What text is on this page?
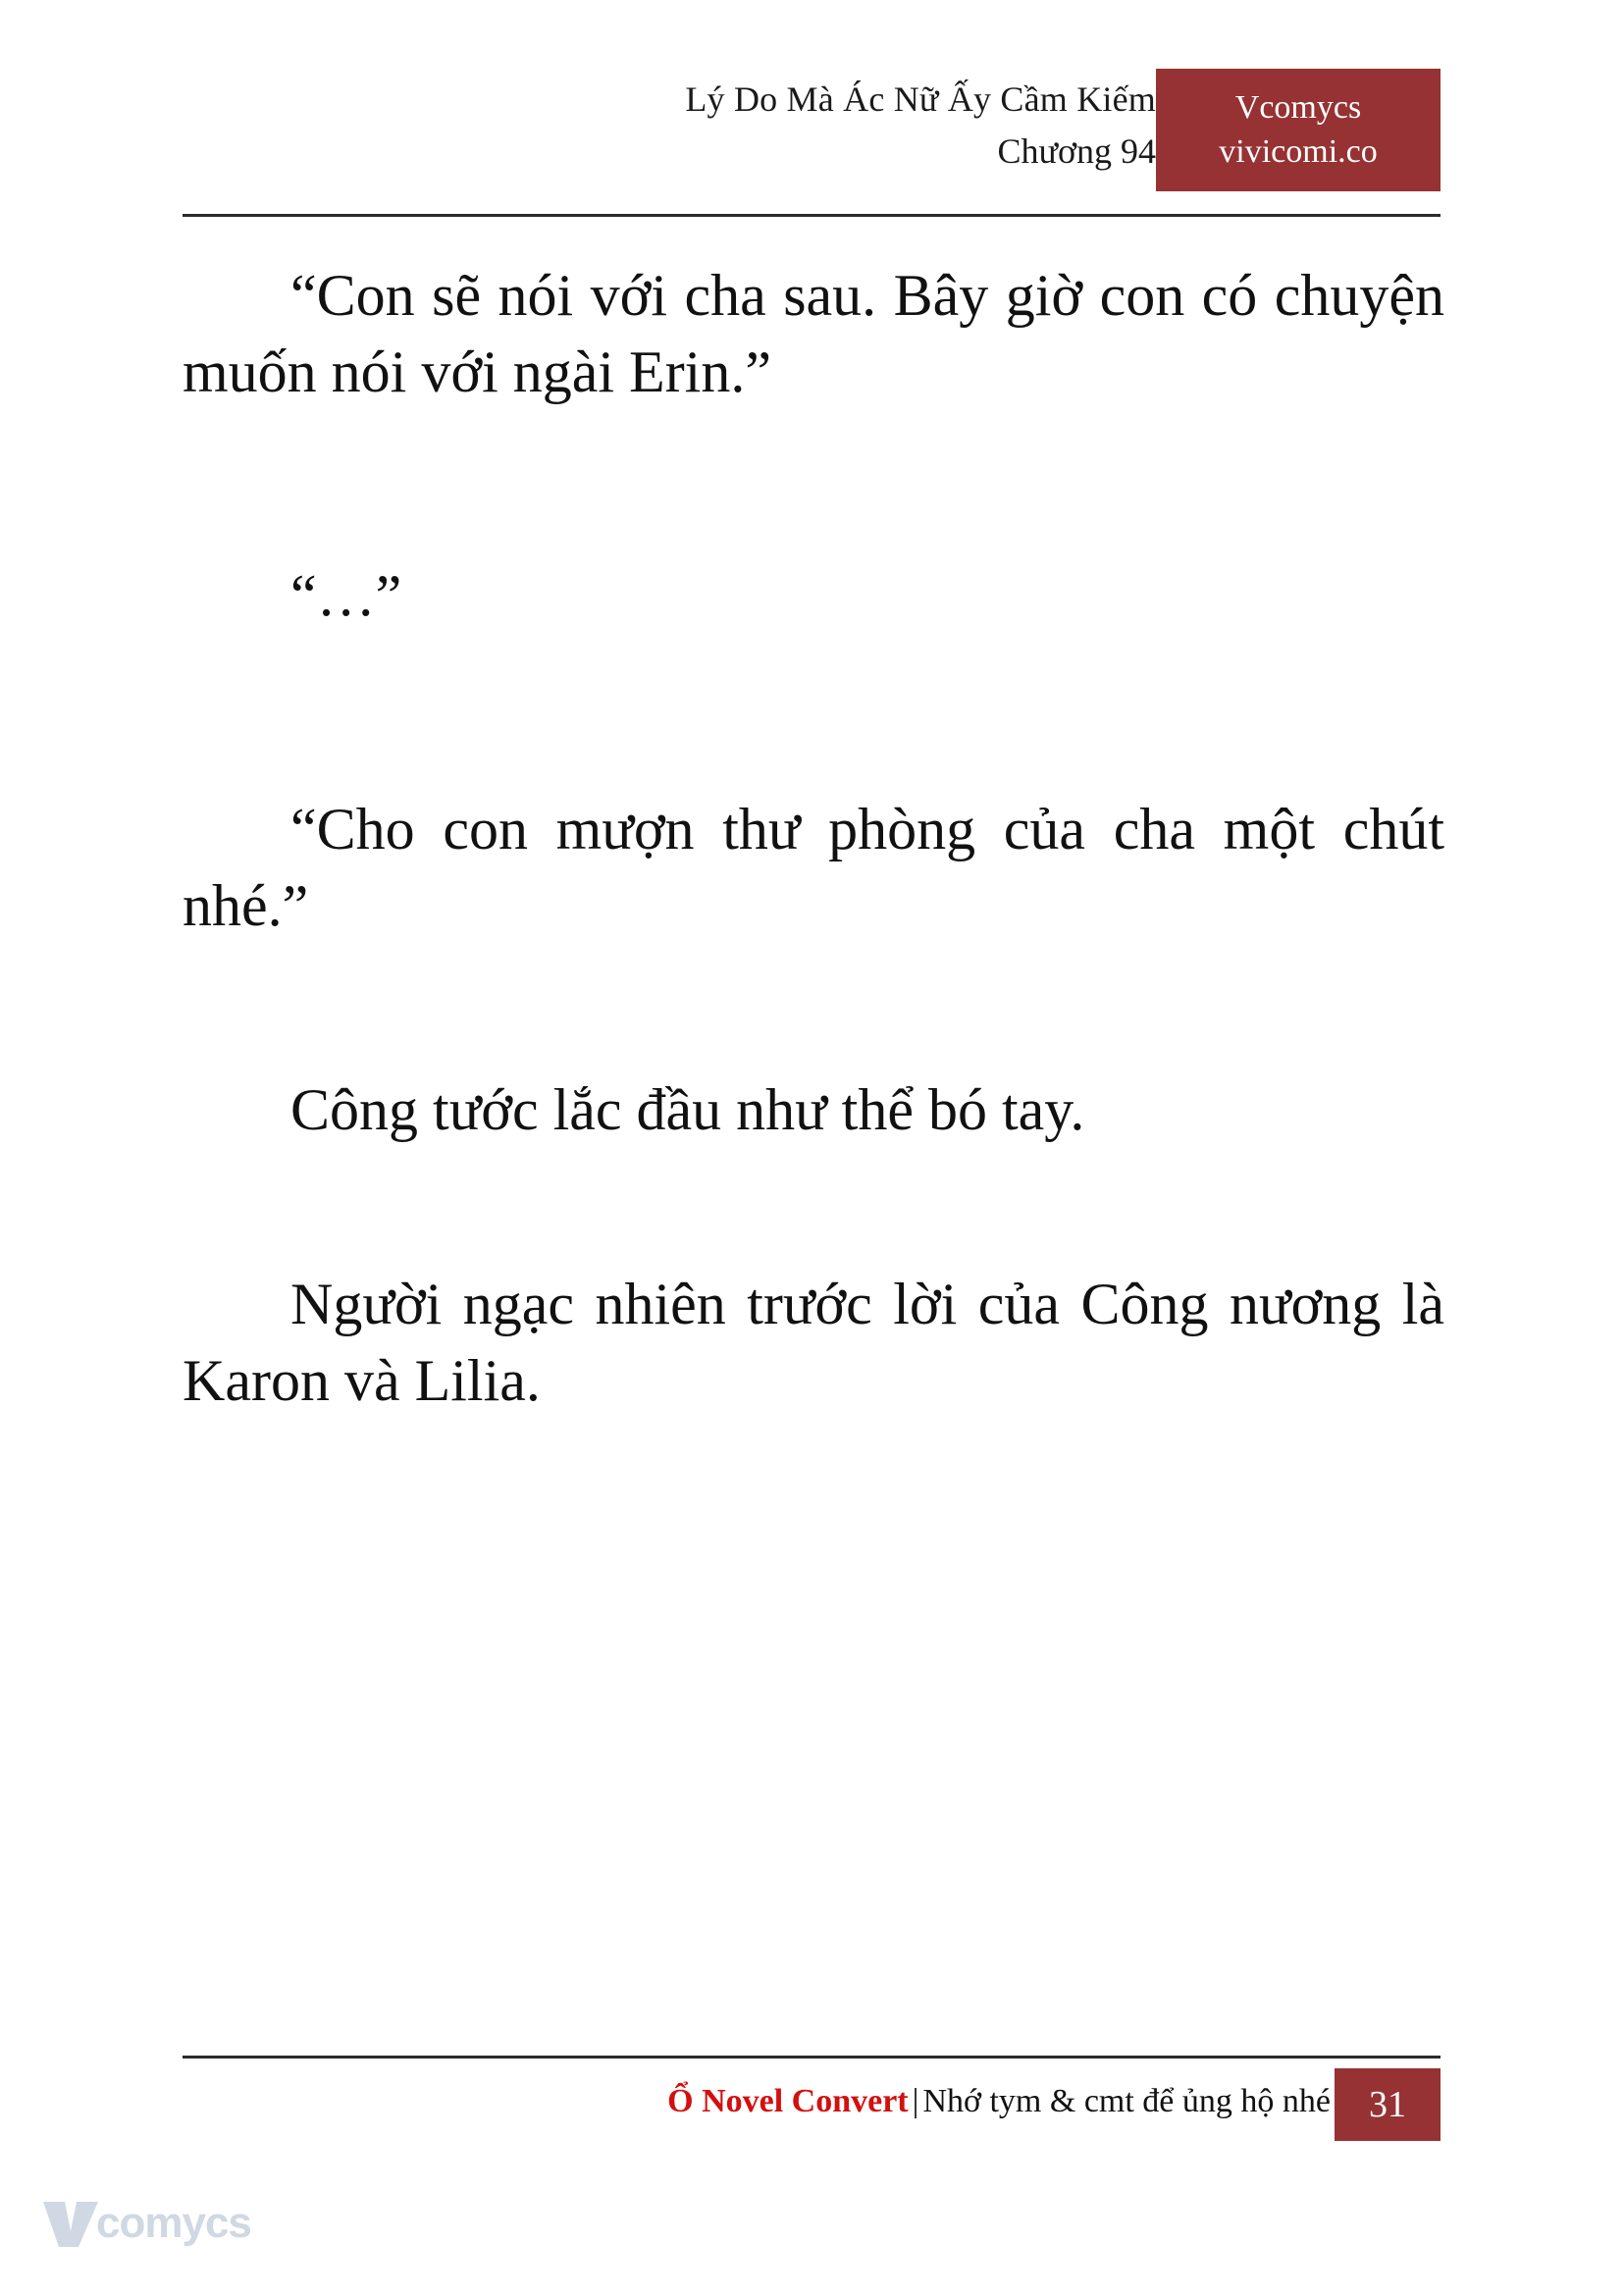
Lý Do Mà Ác Nữ Ấy Cầm Kiếm
Chương 94
Vcomycs
vivicomi.co

“Con sẽ nói với cha sau. Bây giờ con có chuyện muốn nói với ngài Erin.”

“…”

“Cho con mượn thư phòng của cha một chút nhé.”

Công tước lắc đầu như thể bó tay.

Người ngạc nhiên trước lời của Công nương là Karon và Lilia.

Ổ Novel Convert | Nhớ tym & cmt để ủng hộ nhé	31
comycs
